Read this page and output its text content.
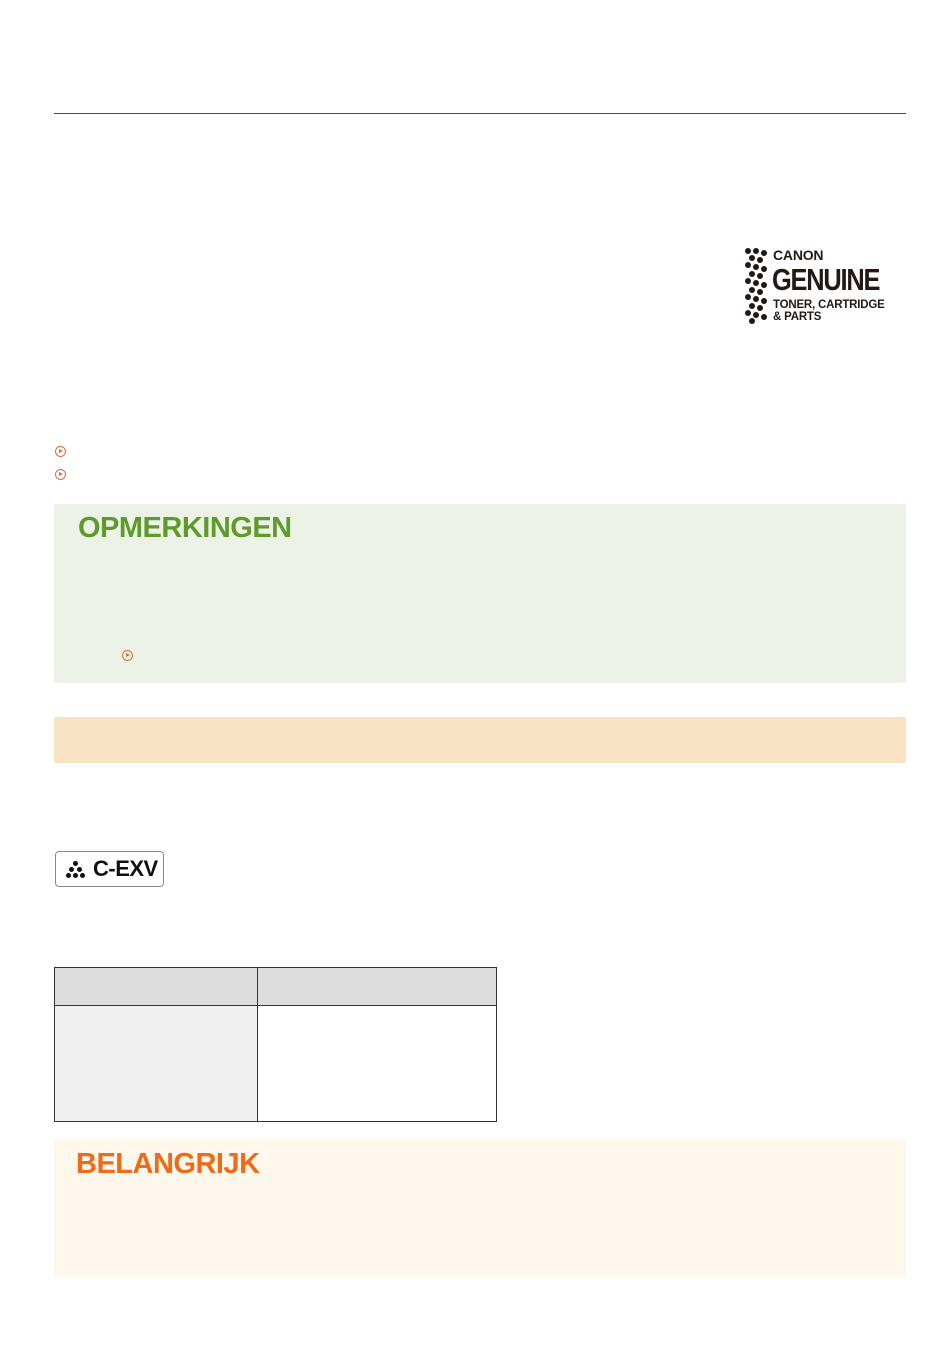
CANON
GENUINE
TONER, CARTRIDGE
& PARTS
OPMERKINGEN
C-EXV

BELANGRIJK
